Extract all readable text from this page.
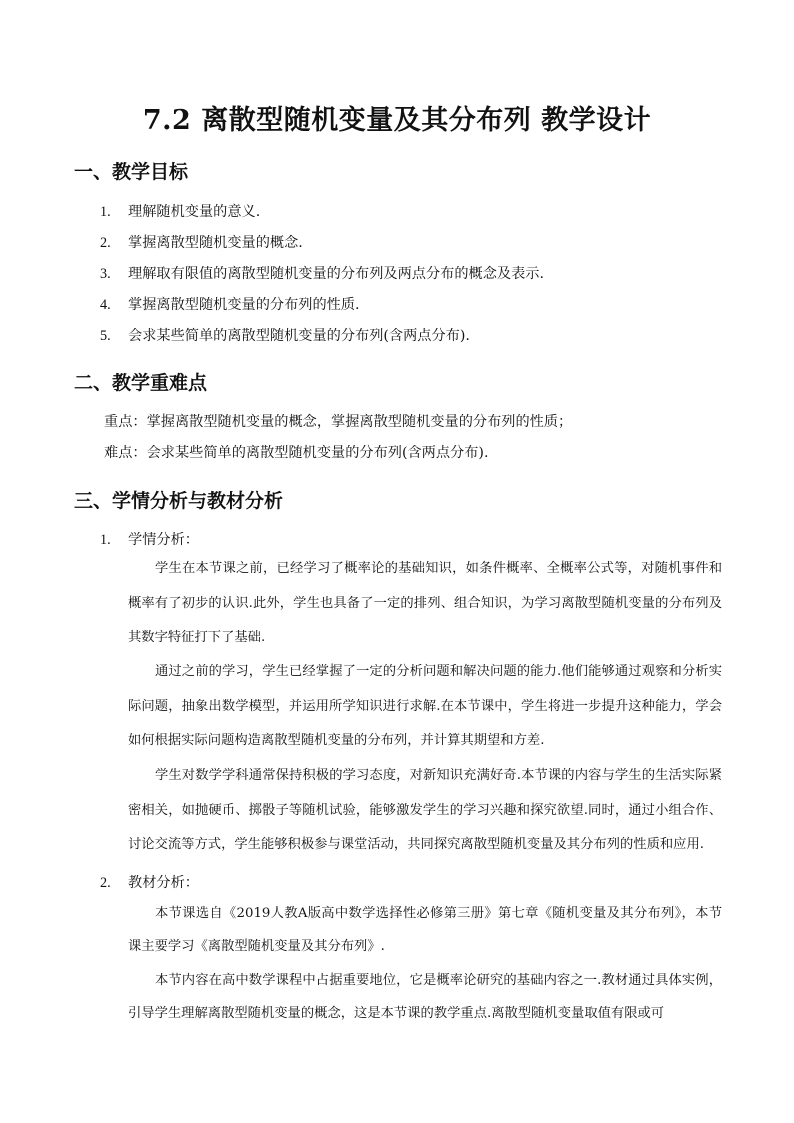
7.2 离散型随机变量及其分布列 教学设计
一、教学目标
1. 理解随机变量的意义.
2. 掌握离散型随机变量的概念.
3. 理解取有限值的离散型随机变量的分布列及两点分布的概念及表示.
4. 掌握离散型随机变量的分布列的性质.
5. 会求某些简单的离散型随机变量的分布列(含两点分布).
二、教学重难点
重点：掌握离散型随机变量的概念，掌握离散型随机变量的分布列的性质；
难点：会求某些简单的离散型随机变量的分布列(含两点分布).
三、学情分析与教材分析
1. 学情分析：
学生在本节课之前，已经学习了概率论的基础知识，如条件概率、全概率公式等，对随机事件和概率有了初步的认识.此外，学生也具备了一定的排列、组合知识，为学习离散型随机变量的分布列及其数字特征打下了基础.
通过之前的学习，学生已经掌握了一定的分析问题和解决问题的能力.他们能够通过观察和分析实际问题，抽象出数学模型，并运用所学知识进行求解.在本节课中，学生将进一步提升这种能力，学会如何根据实际问题构造离散型随机变量的分布列，并计算其期望和方差.
学生对数学学科通常保持积极的学习态度，对新知识充满好奇.本节课的内容与学生的生活实际紧密相关，如抛硬币、掷骰子等随机试验，能够激发学生的学习兴趣和探究欲望.同时，通过小组合作、讨论交流等方式，学生能够积极参与课堂活动，共同探究离散型随机变量及其分布列的性质和应用.
2. 教材分析：
本节课选自《2019人教A版高中数学选择性必修第三册》第七章《随机变量及其分布列》，本节课主要学习《离散型随机变量及其分布列》.
本节内容在高中数学课程中占据重要地位，它是概率论研究的基础内容之一.教材通过具体实例，引导学生理解离散型随机变量的概念，这是本节课的教学重点.离散型随机变量取值有限或可
